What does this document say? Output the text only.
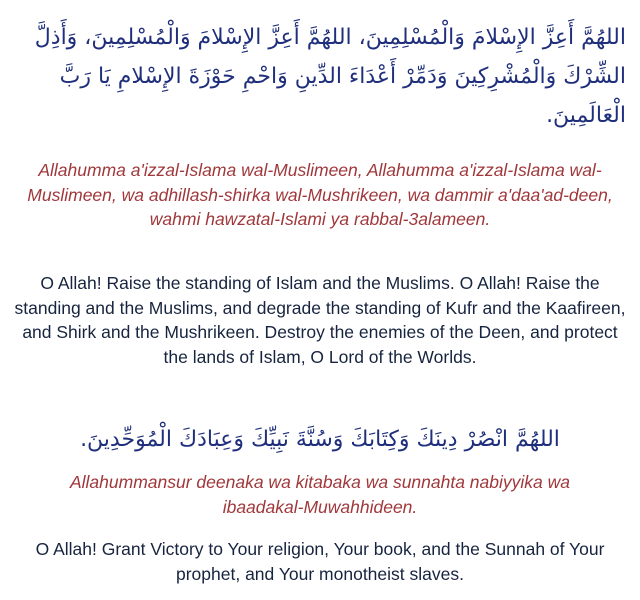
اللهُمَّ أَعِزَّ الإِسْلامَ وَالْمُسْلِمِينَ، اللهُمَّ أَعِزَّ الإِسْلامَ وَالْمُسْلِمِينَ، وَأَذِلَّ الشِّرْكَ وَالْمُشْرِكِينَ وَدَمِّرْ أَعْدَاءَ الدِّينِ وَاحْمِ حَوْزَةَ الإِسْلامِ يَا رَبَّ الْعَالَمِينَ.

Allahumma a'izzal-Islama wal-Muslimeen, Allahumma a'izzal-Islama wal-Muslimeen, wa adhillash-shirka wal-Mushrikeen, wa dammir a'daa'ad-deen, wahmi hawzatal-Islami ya rabbal-3alameen.

O Allah! Raise the standing of Islam and the Muslims. O Allah! Raise the standing and the Muslims, and degrade the standing of Kufr and the Kaafireen, and Shirk and the Mushrikeen. Destroy the enemies of the Deen, and protect the lands of Islam, O Lord of the Worlds.

اللهُمَّ انْصُرْ دِينَكَ وَكِتَابَكَ وَسُنَّةَ نَبِيِّكَ وَعِبَادَكَ الْمُوَحِّدِينَ.

Allahummansur deenaka wa kitabaka wa sunnahta nabiyyika wa ibaadakal-Muwahhideen.

O Allah! Grant Victory to Your religion, Your book, and the Sunnah of Your prophet, and Your monotheist slaves.
